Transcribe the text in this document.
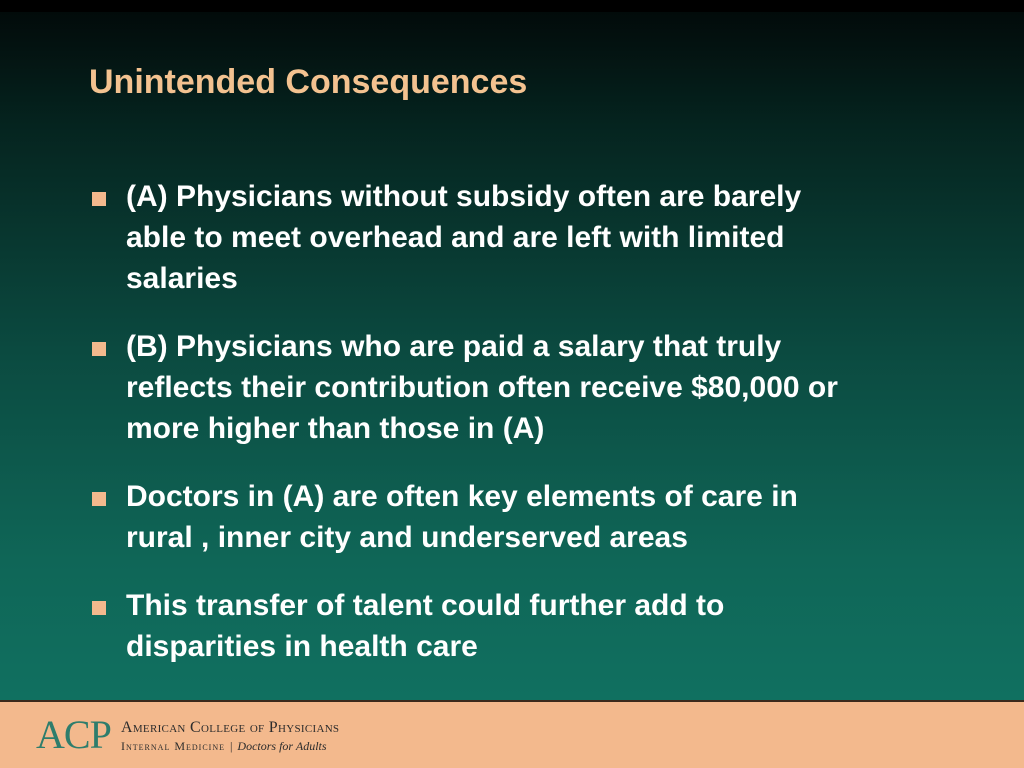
Unintended Consequences
(A) Physicians without subsidy often are barely
able to meet overhead and are left with limited
salaries
(B) Physicians who are paid a salary that truly
reflects their contribution often receive $80,000 or
more higher than those in (A)
Doctors in (A) are often key elements of care in
rural , inner city and underserved areas
This transfer of talent could further add to
disparities in health care
ACP American College of Physicians
Internal Medicine | Doctors for Adults
